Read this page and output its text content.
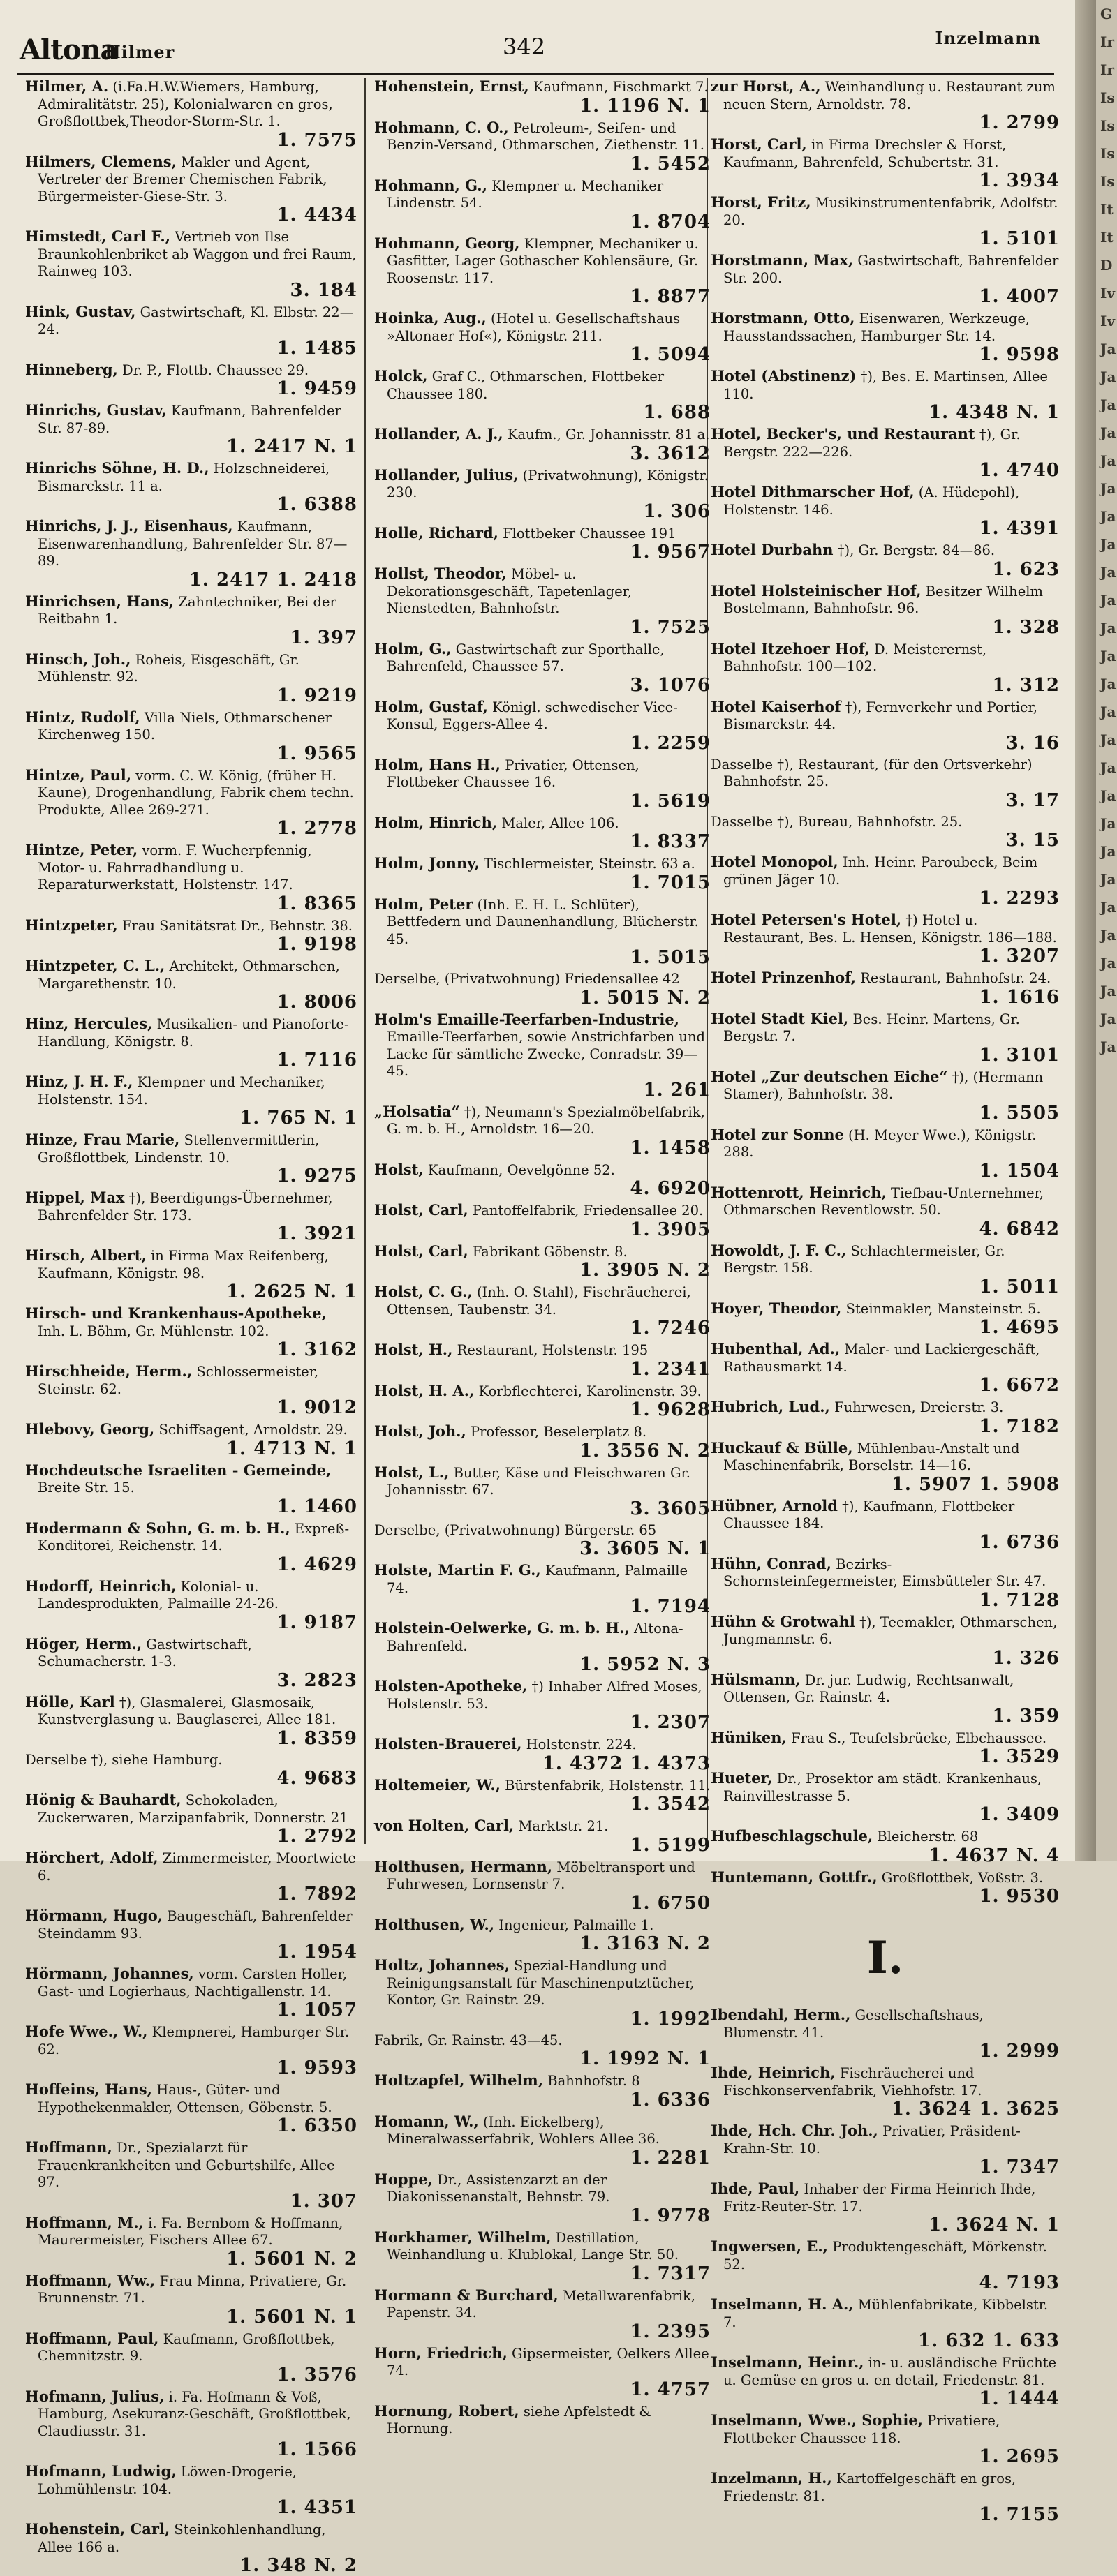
Altona
Hilmer	342	Inzelmann
Hilmer, A. (i.Fa.H.W.Wiemers, Hamburg, Admiralitätstr. 25), Kolonialwaren en gros, Großflottbek,Theodor-Storm-Str. 1.
1. 7575
Hilmers, Clemens, Makler und Agent, Vertreter der Bremer Chemischen Fabrik, Bürgermeister-Giese-Str. 3.
1. 4434
Himstedt, Carl F., Vertrieb von Ilse Braunkohlenbriket ab Waggon und frei Raum, Rainweg 103.
3. 184
Hink, Gustav, Gastwirtschaft, Kl. Elbstr. 22—24.
1. 1485
Hinneberg, Dr. P., Flottb. Chaussee 29.
1. 9459
Hinrichs, Gustav, Kaufmann, Bahrenfelder Str. 87-89.
1. 2417 N. 1
Hinrichs Söhne, H. D., Holzschneiderei, Bismarckstr. 11 a.
1. 6388
Hinrichs, J. J., Eisenhaus, Kaufmann, Eisenwarenhandlung, Bahrenfelder Str. 87—89.
1. 2417 1. 2418
Hinrichsen, Hans, Zahntechniker, Bei der Reitbahn 1.
1. 397
Hinsch, Joh., Roheis, Eisgeschäft, Gr. Mühlenstr. 92.
1. 9219
Hintz, Rudolf, Villa Niels, Othmarschener Kirchenweg 150.
1. 9565
Hintze, Paul, vorm. C. W. König, (früher H. Kaune), Drogenhandlung, Fabrik chem techn. Produkte, Allee 269-271.
1. 2778
Hintze, Peter, vorm. F. Wucherpfennig, Motor- u. Fahrradhandlung u. Reparaturwerkstatt, Holstenstr. 147.
1. 8365
Hintzpeter, Frau Sanitätsrat Dr., Behnstr. 38.
1. 9198
Hintzpeter, C. L., Architekt, Othmarschen, Margarethenstr. 10.
1. 8006
Hinz, Hercules, Musikalien- und Pianoforte-Handlung, Königstr. 8.
1. 7116
Hinz, J. H. F., Klempner und Mechaniker, Holstenstr. 154.
1. 765 N. 1
Hinze, Frau Marie, Stellenvermittlerin, Großflottbek, Lindenstr. 10.
1. 9275
Hippel, Max †), Beerdigungs-Übernehmer, Bahrenfelder Str. 173.
1. 3921
Hirsch, Albert, in Firma Max Reifenberg, Kaufmann, Königstr. 98.
1. 2625 N. 1
Hirsch- und Krankenhaus-Apotheke, Inh. L. Böhm, Gr. Mühlenstr. 102.
1. 3162
Hirschheide, Herm., Schlossermeister, Steinstr. 62.
1. 9012
Hlebovy, Georg, Schiffsagent, Arnoldstr. 29.
1. 4713 N. 1
Hochdeutsche Israeliten - Gemeinde, Breite Str. 15.
1. 1460
Hodermann & Sohn, G. m. b. H., Expreß-Konditorei, Reichenstr. 14.
1. 4629
Hodorff, Heinrich, Kolonial- u. Landesprodukten, Palmaille 24-26.
1. 9187
Höger, Herm., Gastwirtschaft, Schumacherstr. 1-3.
3. 2823
Hölle, Karl †), Glasmalerei, Glasmosaik, Kunstverglasung u. Bauglaserei, Allee 181.
1. 8359
Derselbe †), siehe Hamburg.
4. 9683
Hönig & Bauhardt, Schokoladen, Zuckerwaren, Marzipanfabrik, Donnerstr. 21
1. 2792
Hörchert, Adolf, Zimmermeister, Moortwiete 6.
1. 7892
Hörmann, Hugo, Baugeschäft, Bahrenfelder Steindamm 93.
1. 1954
Hörmann, Johannes, vorm. Carsten Holler, Gast- und Logierhaus, Nachtigallenstr. 14.
1. 1057
Hofe Wwe., W., Klempnerei, Hamburger Str. 62.
1. 9593
Hoffeins, Hans, Haus-, Güter- und Hypothekenmakler, Ottensen, Göbenstr. 5.
1. 6350
Hoffmann, Dr., Spezialarzt für Frauenkrankheiten und Geburtshilfe, Allee 97.
1. 307
Hoffmann, M., i. Fa. Bernbom & Hoffmann, Maurermeister, Fischers Allee 67.
1. 5601 N. 2
Hoffmann, Ww., Frau Minna, Privatiere, Gr. Brunnenstr. 71.
1. 5601 N. 1
Hoffmann, Paul, Kaufmann, Großflottbek, Chemnitzstr. 9.
1. 3576
Hofmann, Julius, i. Fa. Hofmann & Voß, Hamburg, Asekuranz-Geschäft, Großflottbek, Claudiusstr. 31.
1. 1566
Hofmann, Ludwig, Löwen-Drogerie, Lohmühlenstr. 104.
1. 4351
Hohenstein, Carl, Steinkohlenhandlung, Allee 166 a.
1. 348 N. 2
Hohenstein, Ernst, Kaufmann, Fischmarkt 7.
1. 1196 N. 1
Hohmann, C. O., Petroleum-, Seifen- und Benzin-Versand, Othmarschen, Ziethenstr. 11.
1. 5452
Hohmann, G., Klempner u. Mechaniker Lindenstr. 54.
1. 8704
Hohmann, Georg, Klempner, Mechaniker u. Gasfitter, Lager Gothascher Kohlensäure, Gr. Roosenstr. 117.
1. 8877
Hoinka, Aug., (Hotel u. Gesellschaftshaus »Altonaer Hof«), Königstr. 211.
1. 5094
Holck, Graf C., Othmarschen, Flottbeker Chaussee 180.
1. 688
Hollander, A. J., Kaufm., Gr. Johannisstr. 81 a.
3. 3612
Hollander, Julius, (Privatwohnung), Königstr. 230.
1. 306
Holle, Richard, Flottbeker Chaussee 191
1. 9567
Hollst, Theodor, Möbel- u. Dekorationsgeschäft, Tapetenlager, Nienstedten, Bahnhofstr.
1. 7525
Holm, G., Gastwirtschaft zur Sporthalle, Bahrenfeld, Chaussee 57.
3. 1076
Holm, Gustaf, Königl. schwedischer Vice-Konsul, Eggers-Allee 4.
1. 2259
Holm, Hans H., Privatier, Ottensen, Flottbeker Chaussee 16.
1. 5619
Holm, Hinrich, Maler, Allee 106.
1. 8337
Holm, Jonny, Tischlermeister, Steinstr. 63 a.
1. 7015
Holm, Peter (Inh. E. H. L. Schlüter), Bettfedern und Daunenhandlung, Blücherstr. 45.
1. 5015
Derselbe, (Privatwohnung) Friedensallee 42
1. 5015 N. 2
Holm's Emaille-Teerfarben-Industrie, Emaille-Teerfarben, sowie Anstrichfarben und Lacke für sämtliche Zwecke, Conradstr. 39—45.
1. 261
„Holsatia“ †), Neumann's Spezialmöbelfabrik, G. m. b. H., Arnoldstr. 16—20.
1. 1458
Holst, Kaufmann, Oevelgönne 52.
4. 6920
Holst, Carl, Pantoffelfabrik, Friedensallee 20.
1. 3905
Holst, Carl, Fabrikant Göbenstr. 8.
1. 3905 N. 2
Holst, C. G., (Inh. O. Stahl), Fischräucherei, Ottensen, Taubenstr. 34.
1. 7246
Holst, H., Restaurant, Holstenstr. 195
1. 2341
Holst, H. A., Korbflechterei, Karolinenstr. 39.
1. 9628
Holst, Joh., Professor, Beselerplatz 8.
1. 3556 N. 2
Holst, L., Butter, Käse und Fleischwaren Gr. Johannisstr. 67.
3. 3605
Derselbe, (Privatwohnung) Bürgerstr. 65
3. 3605 N. 1
Holste, Martin F. G., Kaufmann, Palmaille 74.
1. 7194
Holstein-Oelwerke, G. m. b. H., Altona-Bahrenfeld.
1. 5952 N. 3
Holsten-Apotheke, †) Inhaber Alfred Moses, Holstenstr. 53.
1. 2307
Holsten-Brauerei, Holstenstr. 224.
1. 4372 1. 4373
Holtemeier, W., Bürstenfabrik, Holstenstr. 11.
1. 3542
von Holten, Carl, Marktstr. 21.
1. 5199
Holthusen, Hermann, Möbeltransport und Fuhrwesen, Lornsenstr 7.
1. 6750
Holthusen, W., Ingenieur, Palmaille 1.
1. 3163 N. 2
Holtz, Johannes, Spezial-Handlung und Reinigungsanstalt für Maschinenputztücher, Kontor, Gr. Rainstr. 29.
1. 1992
Fabrik, Gr. Rainstr. 43—45.
1. 1992 N. 1
Holtzapfel, Wilhelm, Bahnhofstr. 8
1. 6336
Homann, W., (Inh. Eickelberg), Mineralwasserfabrik, Wohlers Allee 36.
1. 2281
Hoppe, Dr., Assistenzarzt an der Diakonissenanstalt, Behnstr. 79.
1. 9778
Horkhamer, Wilhelm, Destillation, Weinhandlung u. Klublokal, Lange Str. 50.
1. 7317
Hormann & Burchard, Metallwarenfabrik, Papenstr. 34.
1. 2395
Horn, Friedrich, Gipsermeister, Oelkers Allee 74.
1. 4757
Hornung, Robert, siehe Apfelstedt & Hornung.
zur Horst, A., Weinhandlung u. Restaurant zum neuen Stern, Arnoldstr. 78.
1. 2799
Horst, Carl, in Firma Drechsler & Horst, Kaufmann, Bahrenfeld, Schubertstr. 31.
1. 3934
Horst, Fritz, Musikinstrumentenfabrik, Adolfstr. 20.
1. 5101
Horstmann, Max, Gastwirtschaft, Bahrenfelder Str. 200.
1. 4007
Horstmann, Otto, Eisenwaren, Werkzeuge, Hausstandssachen, Hamburger Str. 14.
1. 9598
Hotel (Abstinenz) †), Bes. E. Martinsen, Allee 110.
1. 4348 N. 1
Hotel, Becker's, und Restaurant †), Gr. Bergstr. 222—226.
1. 4740
Hotel Dithmarscher Hof, (A. Hüdepohl), Holstenstr. 146.
1. 4391
Hotel Durbahn †), Gr. Bergstr. 84—86.
1. 623
Hotel Holsteinischer Hof, Besitzer Wilhelm Bostelmann, Bahnhofstr. 96.
1. 328
Hotel Itzehoer Hof, D. Meisterernst, Bahnhofstr. 100—102.
1. 312
Hotel Kaiserhof †), Fernverkehr und Portier, Bismarckstr. 44.
3. 16
Dasselbe †), Restaurant, (für den Ortsverkehr) Bahnhofstr. 25.
3. 17
Dasselbe †), Bureau, Bahnhofstr. 25.
3. 15
Hotel Monopol, Inh. Heinr. Paroubeck, Beim grünen Jäger 10.
1. 2293
Hotel Petersen's Hotel, †) Hotel u. Restaurant, Bes. L. Hensen, Königstr. 186—188.
1. 3207
Hotel Prinzenhof, Restaurant, Bahnhofstr. 24.
1. 1616
Hotel Stadt Kiel, Bes. Heinr. Martens, Gr. Bergstr. 7.
1. 3101
Hotel „Zur deutschen Eiche“ †), (Hermann Stamer), Bahnhofstr. 38.
1. 5505
Hotel zur Sonne (H. Meyer Wwe.), Königstr. 288.
1. 1504
Hottenrott, Heinrich, Tiefbau-Unternehmer, Othmarschen Reventlowstr. 50.
4. 6842
Howoldt, J. F. C., Schlachtermeister, Gr. Bergstr. 158.
1. 5011
Hoyer, Theodor, Steinmakler, Mansteinstr. 5.
1. 4695
Hubenthal, Ad., Maler- und Lackiergeschäft, Rathausmarkt 14.
1. 6672
Hubrich, Lud., Fuhrwesen, Dreierstr. 3.
1. 7182
Huckauf & Bülle, Mühlenbau-Anstalt und Maschinenfabrik, Borselstr. 14—16.
1. 5907 1. 5908
Hübner, Arnold †), Kaufmann, Flottbeker Chaussee 184.
1. 6736
Hühn, Conrad, Bezirks-Schornsteinfegermeister, Eimsbütteler Str. 47.
1. 7128
Hühn & Grotwahl †), Teemakler, Othmarschen, Jungmannstr. 6.
1. 326
Hülsmann, Dr. jur. Ludwig, Rechtsanwalt, Ottensen, Gr. Rainstr. 4.
1. 359
Hüniken, Frau S., Teufelsbrücke, Elbchaussee.
1. 3529
Hueter, Dr., Prosektor am städt. Krankenhaus, Rainvillestrasse 5.
1. 3409
Hufbeschlagschule, Bleicherstr. 68
1. 4637 N. 4
Huntemann, Gottfr., Großflottbek, Voßstr. 3.
1. 9530
I.
Ibendahl, Herm., Gesellschaftshaus, Blumenstr. 41.
1. 2999
Ihde, Heinrich, Fischräucherei und Fischkonservenfabrik, Viehhofstr. 17.
1. 3624 1. 3625
Ihde, Hch. Chr. Joh., Privatier, Präsident-Krahn-Str. 10.
1. 7347
Ihde, Paul, Inhaber der Firma Heinrich Ihde, Fritz-Reuter-Str. 17.
1. 3624 N. 1
Ingwersen, E., Produktengeschäft, Mörkenstr. 52.
4. 7193
Inselmann, H. A., Mühlenfabrikate, Kibbelstr. 7.
1. 632 1. 633
Inselmann, Heinr., in- u. ausländische Früchte u. Gemüse en gros u. en detail, Friedenstr. 81.
1. 1444
Inselmann, Wwe., Sophie, Privatiere, Flottbeker Chaussee 118.
1. 2695
Inzelmann, H., Kartoffelgeschäft en gros, Friedenstr. 81.
1. 7155
G
Ir
Ir
Is
Is
Is
Is
It
It
D
Iv
Iv
Ja
Ja
Ja
Ja
Ja
Ja
Ja
Ja
Ja
Ja
Ja
Ja
Ja
Ja
Ja
Ja
Ja
Ja
Ja
Ja
Ja
Ja
Ja
Ja
Ja
Ja
